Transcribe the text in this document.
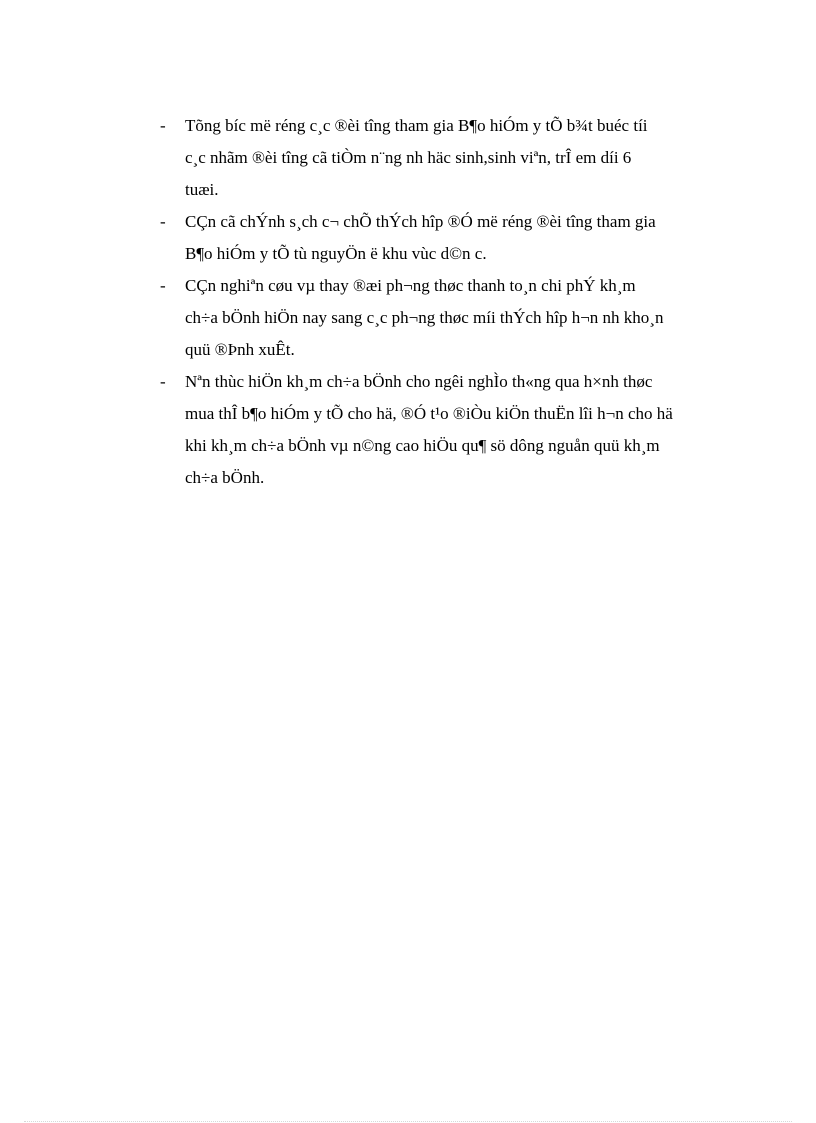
- Tõng bíc më réng c¸c ®èi tîng tham gia B¶o hiÓm y tÕ b¾t buéc tíi
c¸c nhãm ®èi tîng cã tiÒm n¨ng nh häc sinh,sinh viªn, trÎ em díi 6
tuæi.
- CÇn cã chÝnh s¸ch c¬ chÕ thÝch hîp ®Ó më réng ®èi tîng tham gia
B¶o hiÓm y tÕ tù nguyÖn ë khu vùc d©n c.
- CÇn nghiªn cøu vµ thay ®æi ph¬ng thøc thanh to¸n chi phÝ kh¸m
ch÷a bÖnh hiÖn nay sang c¸c ph¬ng thøc míi thÝch hîp h¬n nh kho¸n
quü ®Þnh xuÊt.
- Nªn thùc hiÖn kh¸m ch÷a bÖnh cho ngêi nghÌo th«ng qua h×nh thøc
mua thÎ b¶o hiÓm y tÕ cho hä, ®Ó t¹o ®iÒu kiÖn thuËn lîi h¬n cho hä
khi kh¸m ch÷a bÖnh vµ n©ng cao hiÖu qu¶ sö dông nguån quü kh¸m
ch÷a bÖnh.
